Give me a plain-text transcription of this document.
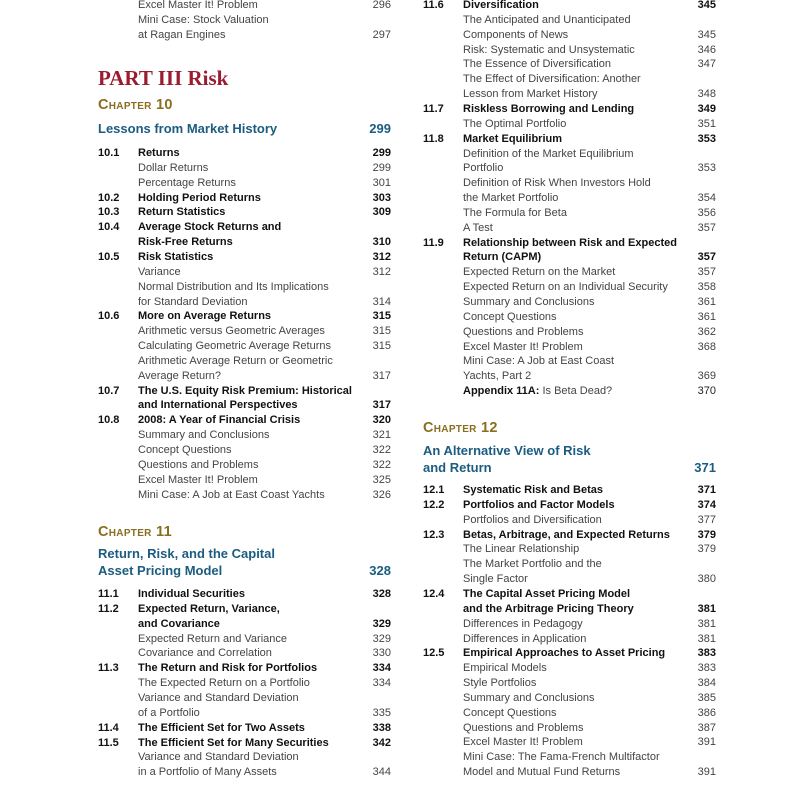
Excel Master It! Problem	296
Mini Case: Stock Valuation
at Ragan Engines	297
PART III Risk
Chapter 10
Lessons from Market History	299
10.1 Returns	299
Dollar Returns	299
Percentage Returns	301
10.2 Holding Period Returns	303
10.3 Return Statistics	309
10.4 Average Stock Returns and
Risk-Free Returns	310
10.5 Risk Statistics	312
Variance	312
Normal Distribution and Its Implications
for Standard Deviation	314
10.6 More on Average Returns	315
Arithmetic versus Geometric Averages	315
Calculating Geometric Average Returns	315
Arithmetic Average Return or Geometric
Average Return?	317
10.7 The U.S. Equity Risk Premium: Historical
and International Perspectives	317
10.8 2008: A Year of Financial Crisis	320
Summary and Conclusions	321
Concept Questions	322
Questions and Problems	322
Excel Master It! Problem	325
Mini Case: A Job at East Coast Yachts	326
Chapter 11
Return, Risk, and the Capital
Asset Pricing Model	328
11.1 Individual Securities	328
11.2 Expected Return, Variance,
and Covariance	329
Expected Return and Variance	329
Covariance and Correlation	330
11.3 The Return and Risk for Portfolios	334
The Expected Return on a Portfolio	334
Variance and Standard Deviation
of a Portfolio	335
11.4 The Efficient Set for Two Assets	338
11.5 The Efficient Set for Many Securities	342
Variance and Standard Deviation
in a Portfolio of Many Assets	344
11.6 Diversification	345
The Anticipated and Unanticipated
Components of News	345
Risk: Systematic and Unsystematic	346
The Essence of Diversification	347
The Effect of Diversification: Another
Lesson from Market History	348
11.7 Riskless Borrowing and Lending	349
The Optimal Portfolio	351
11.8 Market Equilibrium	353
Definition of the Market Equilibrium
Portfolio	353
Definition of Risk When Investors Hold
the Market Portfolio	354
The Formula for Beta	356
A Test	357
11.9 Relationship between Risk and Expected
Return (CAPM)	357
Expected Return on the Market	357
Expected Return on an Individual Security	358
Summary and Conclusions	361
Concept Questions	361
Questions and Problems	362
Excel Master It! Problem	368
Mini Case: A Job at East Coast
Yachts, Part 2	369
Appendix 11A: Is Beta Dead?	370
Chapter 12
An Alternative View of Risk
and Return	371
12.1 Systematic Risk and Betas	371
12.2 Portfolios and Factor Models	374
Portfolios and Diversification	377
12.3 Betas, Arbitrage, and Expected Returns	379
The Linear Relationship	379
The Market Portfolio and the
Single Factor	380
12.4 The Capital Asset Pricing Model
and the Arbitrage Pricing Theory	381
Differences in Pedagogy	381
Differences in Application	381
12.5 Empirical Approaches to Asset Pricing	383
Empirical Models	383
Style Portfolios	384
Summary and Conclusions	385
Concept Questions	386
Questions and Problems	387
Excel Master It! Problem	391
Mini Case: The Fama-French Multifactor
Model and Mutual Fund Returns	391
